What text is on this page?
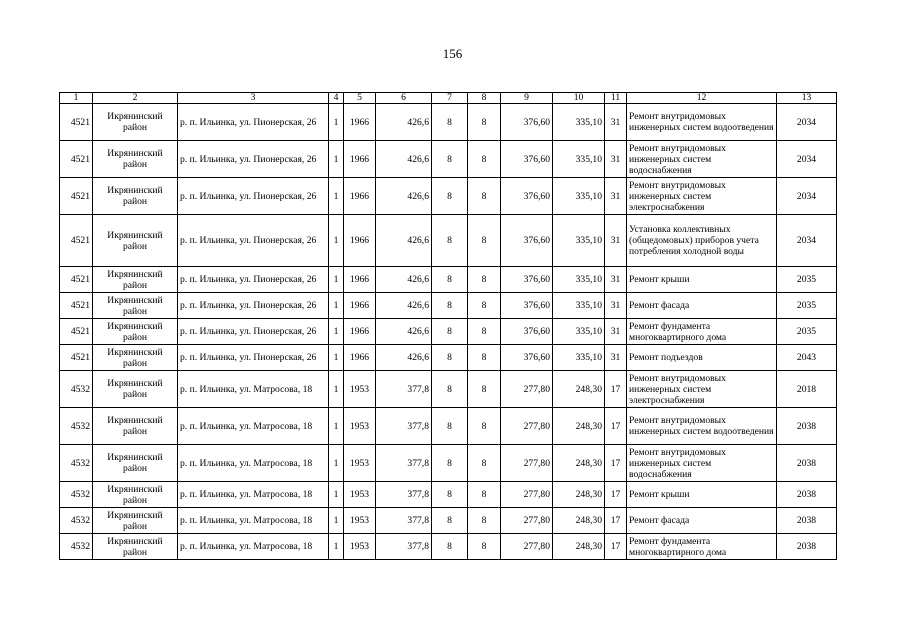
156
1	2	3	4	5	6	7	8	9	10	11	12	13
4521	Икрянинский район	р. п. Ильинка, ул. Пионерская, 26	1	1966	426,6	8	8	376,60	335,10	31	Ремонт внутридомовых инженерных систем водоотведения	2034
4521	Икрянинский район	р. п. Ильинка, ул. Пионерская, 26	1	1966	426,6	8	8	376,60	335,10	31	Ремонт внутридомовых инженерных систем водоснабжения	2034
4521	Икрянинский район	р. п. Ильинка, ул. Пионерская, 26	1	1966	426,6	8	8	376,60	335,10	31	Ремонт внутридомовых инженерных систем электроснабжения	2034
4521	Икрянинский район	р. п. Ильинка, ул. Пионерская, 26	1	1966	426,6	8	8	376,60	335,10	31	Установка коллективных (общедомовых) приборов учета потребления холодной воды	2034
4521	Икрянинский район	р. п. Ильинка, ул. Пионерская, 26	1	1966	426,6	8	8	376,60	335,10	31	Ремонт крыши	2035
4521	Икрянинский район	р. п. Ильинка, ул. Пионерская, 26	1	1966	426,6	8	8	376,60	335,10	31	Ремонт фасада	2035
4521	Икрянинский район	р. п. Ильинка, ул. Пионерская, 26	1	1966	426,6	8	8	376,60	335,10	31	Ремонт фундамента многоквартирного дома	2035
4521	Икрянинский район	р. п. Ильинка, ул. Пионерская, 26	1	1966	426,6	8	8	376,60	335,10	31	Ремонт подъездов	2043
4532	Икрянинский район	р. п. Ильинка, ул. Матросова, 18	1	1953	377,8	8	8	277,80	248,30	17	Ремонт внутридомовых инженерных систем электроснабжения	2018
4532	Икрянинский район	р. п. Ильинка, ул. Матросова, 18	1	1953	377,8	8	8	277,80	248,30	17	Ремонт внутридомовых инженерных систем водоотведения	2038
4532	Икрянинский район	р. п. Ильинка, ул. Матросова, 18	1	1953	377,8	8	8	277,80	248,30	17	Ремонт внутридомовых инженерных систем водоснабжения	2038
4532	Икрянинский район	р. п. Ильинка, ул. Матросова, 18	1	1953	377,8	8	8	277,80	248,30	17	Ремонт крыши	2038
4532	Икрянинский район	р. п. Ильинка, ул. Матросова, 18	1	1953	377,8	8	8	277,80	248,30	17	Ремонт фасада	2038
4532	Икрянинский район	р. п. Ильинка, ул. Матросова, 18	1	1953	377,8	8	8	277,80	248,30	17	Ремонт фундамента многоквартирного дома	2038
